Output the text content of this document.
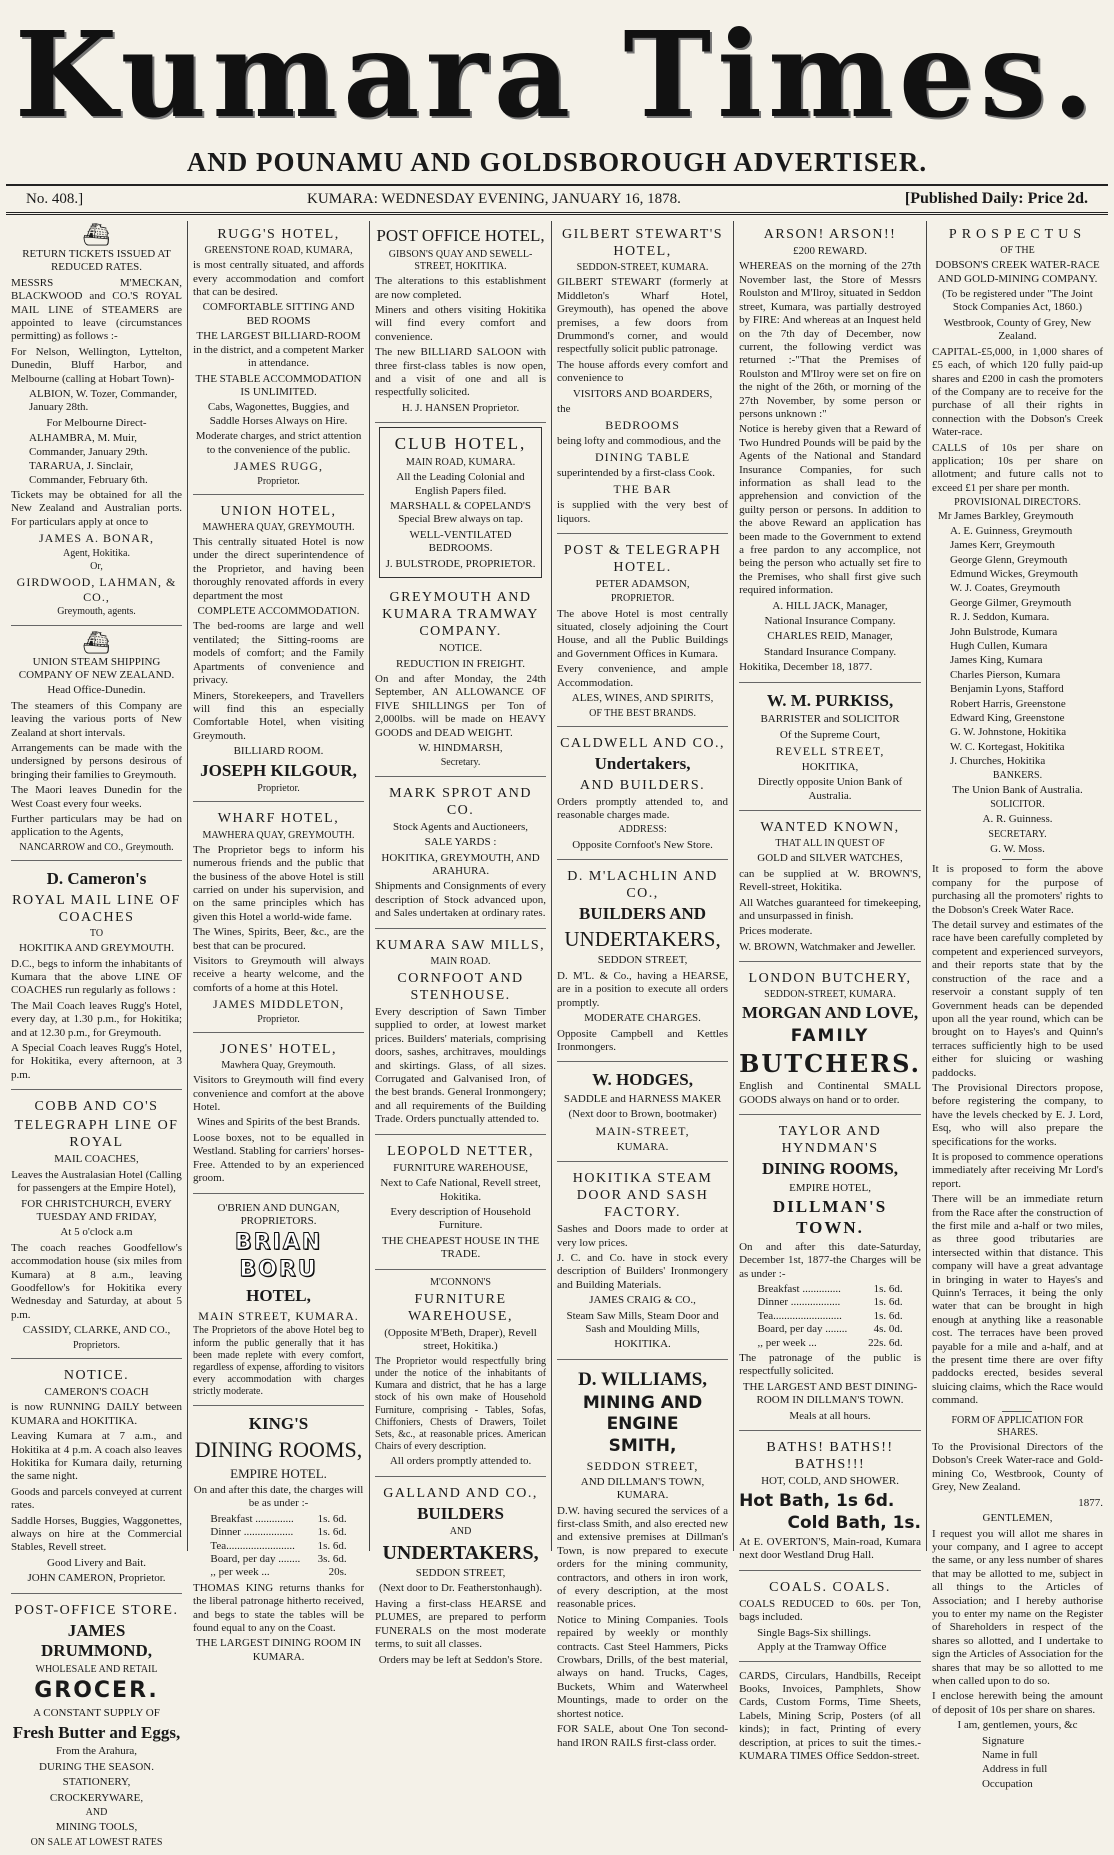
Kumara Times.
AND POUNAMU AND GOLDSBOROUGH ADVERTISER.
No. 408.]	KUMARA: WEDNESDAY EVENING, JANUARY 16, 1878.	[Published Daily: Price 2d.
⛴
RETURN TICKETS ISSUED AT REDUCED RATES.
MESSRS M'MECKAN, BLACKWOOD and CO.'S ROYAL MAIL LINE of STEAMERS are appointed to leave (circumstances permitting) as follows :-
For Nelson, Wellington, Lyttelton, Dunedin, Bluff Harbor, and Melbourne (calling at Hobart Town)-
ALBION, W. Tozer, Commander, January 28th.
For Melbourne Direct-
ALHAMBRA, M. Muir, Commander, January 29th.
TARARUA, J. Sinclair, Commander, February 6th.
Tickets may be obtained for all the New Zealand and Australian ports. For particulars apply at once to
JAMES A. BONAR,
Agent, Hokitika.
Or,
GIRDWOOD, LAHMAN, & CO.,
Greymouth, agents.
⛴
UNION STEAM SHIPPING COMPANY OF NEW ZEALAND.
Head Office-Dunedin.
The steamers of this Company are leaving the various ports of New Zealand at short intervals.
Arrangements can be made with the undersigned by persons desirous of bringing their families to Greymouth.
The Maori leaves Dunedin for the West Coast every four weeks.
Further particulars may be had on application to the Agents,
NANCARROW and CO., Greymouth.
D. Cameron's
ROYAL MAIL LINE OF COACHES
TO
HOKITIKA AND GREYMOUTH.
D.C., begs to inform the inhabitants of Kumara that the above LINE OF COACHES run regularly as follows :
The Mail Coach leaves Rugg's Hotel, every day, at 1.30 p.m., for Hokitika; and at 12.30 p.m., for Greymouth.
A Special Coach leaves Rugg's Hotel, for Hokitika, every afternoon, at 3 p.m.
COBB AND CO'S
TELEGRAPH LINE OF ROYAL
MAIL COACHES,
Leaves the Australasian Hotel (Calling for passengers at the Empire Hotel),
FOR CHRISTCHURCH, EVERY TUESDAY AND FRIDAY,
At 5 o'clock a.m
The coach reaches Goodfellow's accommodation house (six miles from Kumara) at 8 a.m., leaving Goodfellow's for Hokitika every Wednesday and Saturday, at about 5 p.m.
CASSIDY, CLARKE, AND CO.,
Proprietors.
NOTICE.
CAMERON'S COACH
is now RUNNING DAILY between KUMARA and HOKITIKA.
Leaving Kumara at 7 a.m., and Hokitika at 4 p.m. A coach also leaves Hokitika for Kumara daily, returning the same night.
Goods and parcels conveyed at current rates.
Saddle Horses, Buggies, Waggonettes, always on hire at the Commercial Stables, Revell street.
Good Livery and Bait.
JOHN CAMERON, Proprietor.
POST-OFFICE STORE.
JAMES DRUMMOND,
WHOLESALE AND RETAIL
GROCER.
A CONSTANT SUPPLY OF
Fresh Butter and Eggs,
From the Arahura,
DURING THE SEASON.
STATIONERY,
CROCKERYWARE,
AND
MINING TOOLS,
ON SALE AT LOWEST RATES
RUGG'S HOTEL,
GREENSTONE ROAD, KUMARA,
is most centrally situated, and affords every accommodation and comfort that can be desired.
COMFORTABLE SITTING AND BED ROOMS
THE LARGEST BILLIARD-ROOM in the district, and a competent Marker in attendance.
THE STABLE ACCOMMODATION IS UNLIMITED.
Cabs, Wagonettes, Buggies, and Saddle Horses Always on Hire.
Moderate charges, and strict attention to the convenience of the public.
JAMES RUGG,
Proprietor.
UNION HOTEL,
MAWHERA QUAY, GREYMOUTH.
This centrally situated Hotel is now under the direct superintendence of the Proprietor, and having been thoroughly renovated affords in every department the most
COMPLETE ACCOMMODATION.
The bed-rooms are large and well ventilated; the Sitting-rooms are models of comfort; and the Family Apartments of convenience and privacy.
Miners, Storekeepers, and Travellers will find this an especially Comfortable Hotel, when visiting Greymouth.
BILLIARD ROOM.
JOSEPH KILGOUR,
Proprietor.
WHARF HOTEL,
MAWHERA QUAY, GREYMOUTH.
The Proprietor begs to inform his numerous friends and the public that the business of the above Hotel is still carried on under his supervision, and on the same principles which has given this Hotel a world-wide fame.
The Wines, Spirits, Beer, &c., are the best that can be procured.
Visitors to Greymouth will always receive a hearty welcome, and the comforts of a home at this Hotel.
JAMES MIDDLETON,
Proprietor.
JONES' HOTEL,
Mawhera Quay, Greymouth.
Visitors to Greymouth will find every convenience and comfort at the above Hotel.
Wines and Spirits of the best Brands.
Loose boxes, not to be equalled in Westland. Stabling for carriers' horses-Free. Attended to by an experienced groom.
O'BRIEN AND DUNGAN, PROPRIETORS.
BRIAN BORU
HOTEL,
MAIN STREET, KUMARA.
The Proprietors of the above Hotel beg to inform the public generally that it has been made replete with every comfort, regardless of expense, affording to visitors every accommodation with charges strictly moderate.
KING'S
DINING ROOMS,
EMPIRE HOTEL.
On and after this date, the charges will be as under :-
Breakfast ..............	1s. 6d.
Dinner ..................	1s. 6d.
Tea.........................	1s. 6d.
Board, per day ........	3s. 6d.
,, per week ...	20s.
THOMAS KING returns thanks for the liberal patronage hitherto received, and begs to state the tables will be found equal to any on the Coast.
THE LARGEST DINING ROOM IN KUMARA.
POST OFFICE HOTEL,
GIBSON'S QUAY AND SEWELL-STREET, HOKITIKA.
The alterations to this establishment are now completed.
Miners and others visiting Hokitika will find every comfort and convenience.
The new BILLIARD SALOON with three first-class tables is now open, and a visit of one and all is respectfully solicited.
H. J. HANSEN Proprietor.
CLUB HOTEL,
MAIN ROAD, KUMARA.
All the Leading Colonial and English Papers filed.
MARSHALL & COPELAND'S Special Brew always on tap.
WELL-VENTILATED BEDROOMS.
J. BULSTRODE, PROPRIETOR.
GREYMOUTH AND KUMARA TRAMWAY COMPANY.
NOTICE.
REDUCTION IN FREIGHT.
On and after Monday, the 24th September, AN ALLOWANCE OF FIVE SHILLINGS per Ton of 2,000lbs. will be made on HEAVY GOODS and DEAD WEIGHT.
W. HINDMARSH,
Secretary.
MARK SPROT AND CO.
Stock Agents and Auctioneers,
SALE YARDS :
HOKITIKA, GREYMOUTH, AND ARAHURA.
Shipments and Consignments of every description of Stock advanced upon, and Sales undertaken at ordinary rates.
KUMARA SAW MILLS,
MAIN ROAD.
CORNFOOT AND STENHOUSE.
Every description of Sawn Timber supplied to order, at lowest market prices. Builders' materials, comprising doors, sashes, architraves, mouldings and skirtings. Glass, of all sizes. Corrugated and Galvanised Iron, of the best brands. General Ironmongery; and all requirements of the Building Trade. Orders punctually attended to.
LEOPOLD NETTER,
FURNITURE WAREHOUSE,
Next to Cafe National, Revell street, Hokitika.
Every description of Household Furniture.
THE CHEAPEST HOUSE IN THE TRADE.
M'CONNON'S
FURNITURE WAREHOUSE,
(Opposite M'Beth, Draper), Revell street, Hokitika.)
The Proprietor would respectfully bring under the notice of the inhabitants of Kumara and district, that he has a large stock of his own make of Household Furniture, comprising - Tables, Sofas, Chiffoniers, Chests of Drawers, Toilet Sets, &c., at reasonable prices. American Chairs of every description.
All orders promptly attended to.
GALLAND AND CO.,
BUILDERS
AND
UNDERTAKERS,
SEDDON STREET,
(Next door to Dr. Featherstonhaugh).
Having a first-class HEARSE and PLUMES, are prepared to perform FUNERALS on the most moderate terms, to suit all classes.
Orders may be left at Seddon's Store.
GILBERT STEWART'S HOTEL,
SEDDON-STREET, KUMARA.
GILBERT STEWART (formerly at Middleton's Wharf Hotel, Greymouth), has opened the above premises, a few doors from Drummond's corner, and would respectfully solicit public patronage.
The house affords every comfort and convenience to
VISITORS AND BOARDERS,
the
BEDROOMS
being lofty and commodious, and the
DINING TABLE
superintended by a first-class Cook.
THE BAR
is supplied with the very best of liquors.
POST & TELEGRAPH HOTEL.
PETER ADAMSON,
PROPRIETOR.
The above Hotel is most centrally situated, closely adjoining the Court House, and all the Public Buildings and Government Offices in Kumara.
Every convenience, and ample Accommodation.
ALES, WINES, AND SPIRITS,
OF THE BEST BRANDS.
CALDWELL AND CO.,
Undertakers,
AND BUILDERS.
Orders promptly attended to, and reasonable charges made.
ADDRESS:
Opposite Cornfoot's New Store.
D. M'LACHLIN AND CO.,
BUILDERS AND
UNDERTAKERS,
SEDDON STREET,
D. M'L. & Co., having a HEARSE, are in a position to execute all orders promptly.
MODERATE CHARGES.
Opposite Campbell and Kettles Ironmongers.
W. HODGES,
SADDLE and HARNESS MAKER
(Next door to Brown, bootmaker)
MAIN-STREET,
KUMARA.
HOKITIKA STEAM DOOR AND SASH FACTORY.
Sashes and Doors made to order at very low prices.
J. C. and Co. have in stock every description of Builders' Ironmongery and Building Materials.
JAMES CRAIG & CO.,
Steam Saw Mills, Steam Door and Sash and Moulding Mills,
HOKITIKA.
D. WILLIAMS,
MINING AND ENGINE
SMITH,
SEDDON STREET,
AND DILLMAN'S TOWN, KUMARA.
D.W. having secured the services of a first-class Smith, and also erected new and extensive premises at Dillman's Town, is now prepared to execute orders for the mining community, contractors, and others in iron work, of every description, at the most reasonable prices.
Notice to Mining Companies. Tools repaired by weekly or monthly contracts. Cast Steel Hammers, Picks Crowbars, Drills, of the best material, always on hand. Trucks, Cages, Buckets, Whim and Waterwheel Mountings, made to order on the shortest notice.
FOR SALE, about One Ton second-hand IRON RAILS first-class order.
ARSON! ARSON!!
£200 REWARD.
WHEREAS on the morning of the 27th November last, the Store of Messrs Roulston and M'Ilroy, situated in Seddon street, Kumara, was partially destroyed by FIRE: And whereas at an Inquest held on the 7th day of December, now current, the following verdict was returned :-"That the Premises of Roulston and M'Ilroy were set on fire on the night of the 26th, or morning of the 27th November, by some person or persons unknown :"
Notice is hereby given that a Reward of Two Hundred Pounds will be paid by the Agents of the National and Standard Insurance Companies, for such information as shall lead to the apprehension and conviction of the guilty person or persons. In addition to the above Reward an application has been made to the Government to extend a free pardon to any accomplice, not being the person who actually set fire to the Premises, who shall first give such required information.
A. HILL JACK, Manager,
National Insurance Company.
CHARLES REID, Manager,
Standard Insurance Company.
Hokitika, December 18, 1877.
W. M. PURKISS,
BARRISTER and SOLICITOR
Of the Supreme Court,
REVELL STREET,
HOKITIKA,
Directly opposite Union Bank of Australia.
WANTED KNOWN,
THAT ALL IN QUEST OF
GOLD and SILVER WATCHES,
can be supplied at W. BROWN'S, Revell-street, Hokitika.
All Watches guaranteed for timekeeping, and unsurpassed in finish.
Prices moderate.
W. BROWN, Watchmaker and Jeweller.
LONDON BUTCHERY,
SEDDON-STREET, KUMARA.
MORGAN AND LOVE,
FAMILY
BUTCHERS.
English and Continental SMALL GOODS always on hand or to order.
TAYLOR AND HYNDMAN'S
DINING ROOMS,
EMPIRE HOTEL,
DILLMAN'S TOWN.
On and after this date-Saturday, December 1st, 1877-the Charges will be as under :-
Breakfast ..............	1s. 6d.
Dinner ..................	1s. 6d.
Tea.........................	1s. 6d.
Board, per day ........	4s. 0d.
,, per week ...	22s. 6d.
The patronage of the public is respectfully solicited.
THE LARGEST AND BEST DINING-ROOM IN DILLMAN'S TOWN.
Meals at all hours.
BATHS! BATHS!! BATHS!!!
HOT, COLD, AND SHOWER.
Hot Bath, 1s 6d.
Cold Bath, 1s.
At E. OVERTON'S, Main-road, Kumara next door Westland Drug Hall.
COALS. COALS.
COALS REDUCED to 60s. per Ton, bags included.
Single Bags-Six shillings.
Apply at the Tramway Office
CARDS, Circulars, Handbills, Receipt Books, Invoices, Pamphlets, Show Cards, Custom Forms, Time Sheets, Labels, Mining Scrip, Posters (of all kinds); in fact, Printing of every description, at prices to suit the times.-KUMARA TIMES Office Seddon-street.
PROSPECTUS
OF THE
DOBSON'S CREEK WATER-RACE AND GOLD-MINING COMPANY.
(To be registered under "The Joint Stock Companies Act, 1860.)
Westbrook, County of Grey, New Zealand.
CAPITAL-£5,000, in 1,000 shares of £5 each, of which 120 fully paid-up shares and £200 in cash the promoters of the Company are to receive for the purchase of all their rights in connection with the Dobson's Creek Water-race.
CALLS of 10s per share on application; 10s per share on allotment; and future calls not to exceed £1 per share per month.
PROVISIONAL DIRECTORS.
Mr James Barkley, Greymouth
A. E. Guinness, Greymouth
James Kerr, Greymouth
George Glenn, Greymouth
Edmund Wickes, Greymouth
W. J. Coates, Greymouth
George Gilmer, Greymouth
R. J. Seddon, Kumara.
John Bulstrode, Kumara
Hugh Cullen, Kumara
James King, Kumara
Charles Pierson, Kumara
Benjamin Lyons, Stafford
Robert Harris, Greenstone
Edward King, Greenstone
G. W. Johnstone, Hokitika
W. C. Kortegast, Hokitika
J. Churches, Hokitika
BANKERS.
The Union Bank of Australia.
SOLICITOR.
A. R. Guinness.
SECRETARY.
G. W. Moss.
It is proposed to form the above company for the purpose of purchasing all the promoters' rights to the Dobson's Creek Water Race.
The detail survey and estimates of the race have been carefully completed by competent and experienced surveyors, and their reports state that by the construction of the race and a reservoir a constant supply of ten Government heads can be depended upon all the year round, which can be brought on to Hayes's and Quinn's terraces sufficiently high to be used either for sluicing or washing paddocks.
The Provisional Directors propose, before registering the company, to have the levels checked by E. J. Lord, Esq, who will also prepare the specifications for the works.
It is proposed to commence operations immediately after receiving Mr Lord's report.
There will be an immediate return from the Race after the construction of the first mile and a-half or two miles, as three good tributaries are intersected within that distance. This company will have a great advantage in bringing in water to Hayes's and Quinn's Terraces, it being the only water that can be brought in high enough at anything like a reasonable cost. The terraces have been proved payable for a mile and a-half, and at the present time there are over fifty paddocks erected, besides several sluicing claims, which the Race would command.
FORM OF APPLICATION FOR SHARES.
To the Provisional Directors of the Dobson's Creek Water-race and Gold-mining Co, Westbrook, County of Grey, New Zealand.
1877.
GENTLEMEN,
I request you will allot me shares in your company, and I agree to accept the same, or any less number of shares that may be allotted to me, subject in all things to the Articles of Association; and I hereby authorise you to enter my name on the Register of Shareholders in respect of the shares so allotted, and I undertake to sign the Articles of Association for the shares that may be so allotted to me when called upon to do so.
I enclose herewith being the amount of deposit of 10s per share on shares.
I am, gentlemen, yours, &c
Signature
Name in full
Address in full
Occupation
